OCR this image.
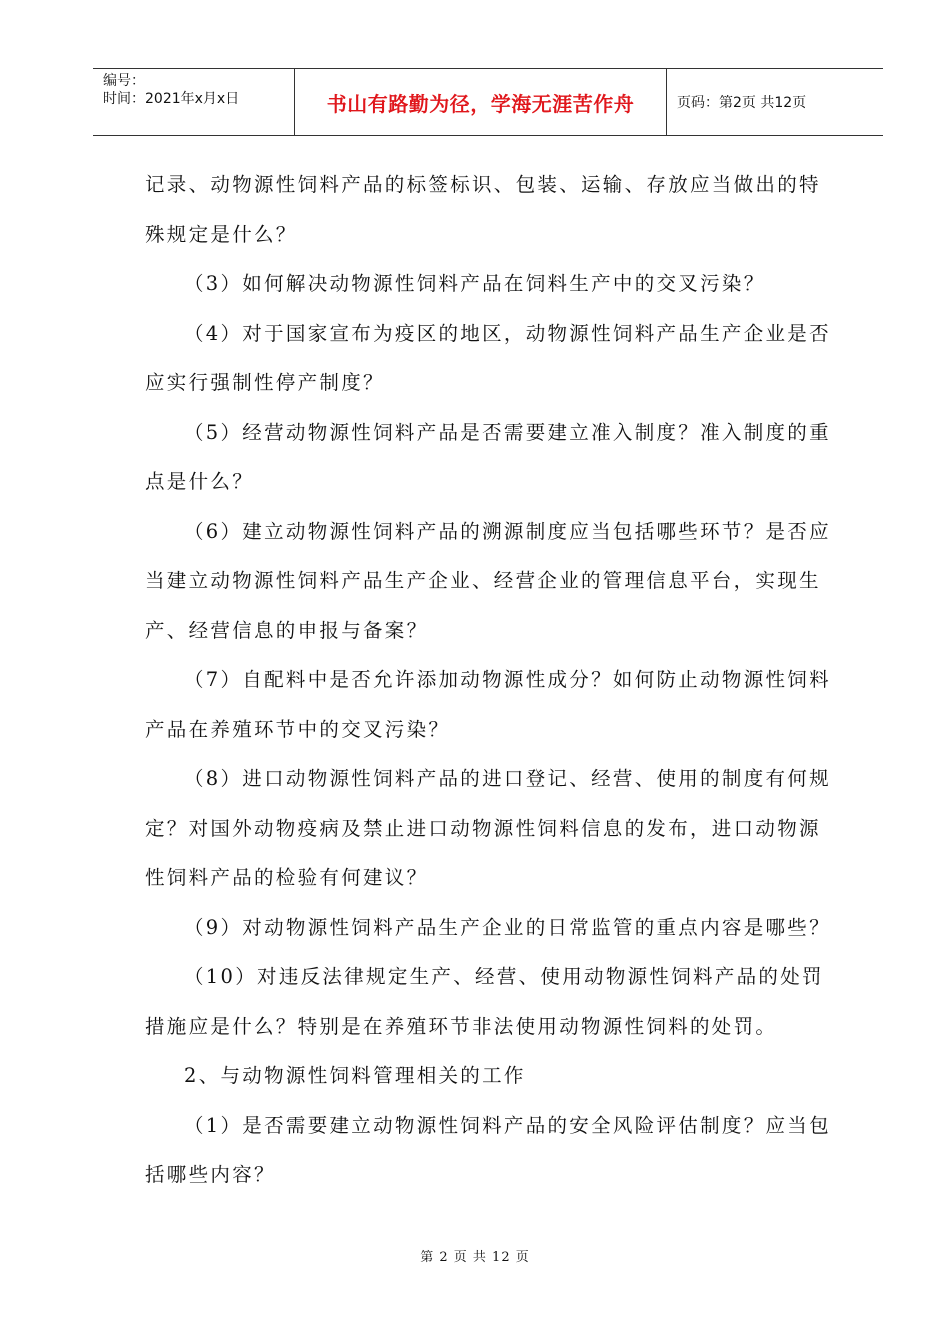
编号：
时间：2021年x月x日	书山有路勤为径，学海无涯苦作舟	页码：第2页 共12页

记录、动物源性饲料产品的标签标识、包装、运输、存放应当做出的特殊规定是什么？

（3）如何解决动物源性饲料产品在饲料生产中的交叉污染？

（4）对于国家宣布为疫区的地区，动物源性饲料产品生产企业是否应实行强制性停产制度？

（5）经营动物源性饲料产品是否需要建立准入制度？准入制度的重点是什么？

（6）建立动物源性饲料产品的溯源制度应当包括哪些环节？是否应当建立动物源性饲料产品生产企业、经营企业的管理信息平台，实现生产、经营信息的申报与备案？

（7）自配料中是否允许添加动物源性成分？如何防止动物源性饲料产品在养殖环节中的交叉污染？

（8）进口动物源性饲料产品的进口登记、经营、使用的制度有何规定？对国外动物疫病及禁止进口动物源性饲料信息的发布，进口动物源性饲料产品的检验有何建议？

（9）对动物源性饲料产品生产企业的日常监管的重点内容是哪些？

（10）对违反法律规定生产、经营、使用动物源性饲料产品的处罚措施应是什么？特别是在养殖环节非法使用动物源性饲料的处罚。

2、与动物源性饲料管理相关的工作

（1）是否需要建立动物源性饲料产品的安全风险评估制度？应当包括哪些内容？

第 2 页 共 12 页
